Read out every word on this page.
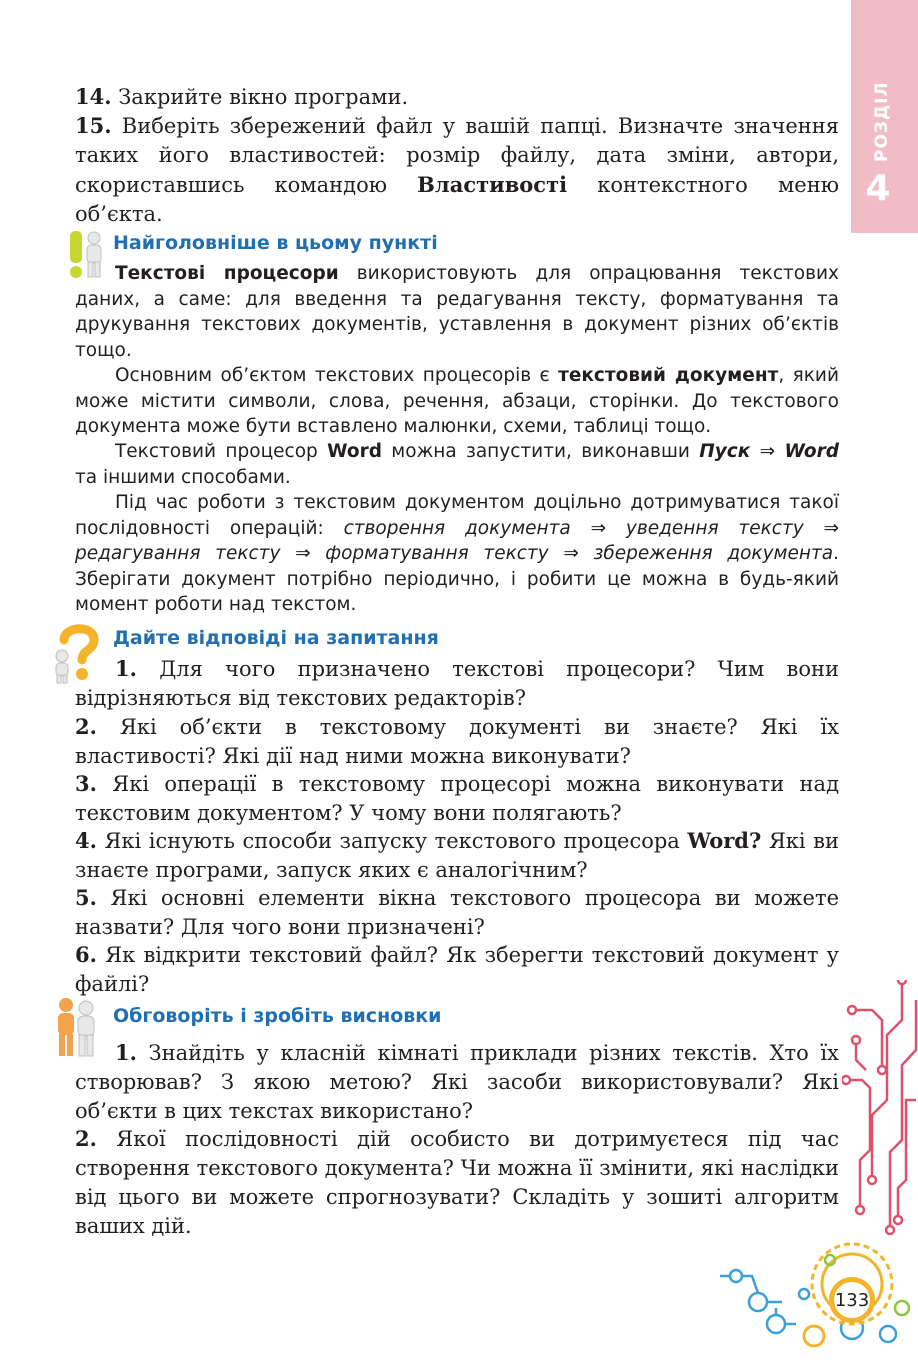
РОЗДІЛ
4

14. Закрийте вікно програми.

15. Виберіть збережений файл у вашій папці. Визначте значення таких його властивостей: розмір файлу, дата зміни, автори, скориставшись командою Властивості контекстного меню об’єкта.

Найголовніше в цьому пункті

Текстові процесори використовують для опрацювання текстових даних, а саме: для введення та редагування тексту, форматування та друкування текстових документів, уставлення в документ різних об’єктів тощо.

Основним об’єктом текстових процесорів є текстовий документ, який може містити символи, слова, речення, абзаци, сторінки. До текстового документа може бути вставлено малюнки, схеми, таблиці тощо.

Текстовий процесор Word можна запустити, виконавши Пуск ⇒ Word та іншими способами.

Під час роботи з текстовим документом доцільно дотримуватися такої послідовності операцій: створення документа ⇒ уведення тексту ⇒ редагування тексту ⇒ форматування тексту ⇒ збереження документа. Зберігати документ потрібно періодично, і робити це можна в будь-який момент роботи над текстом.

Дайте відповіді на запитання

1. Для чого призначено текстові процесори? Чим вони відрізняються від текстових редакторів?

2. Які об’єкти в текстовому документі ви знаєте? Які їх властивості? Які дії над ними можна виконувати?

3. Які операції в текстовому процесорі можна виконувати над текстовим документом? У чому вони полягають?

4. Які існують способи запуску текстового процесора Word? Які ви знаєте програми, запуск яких є аналогічним?

5. Які основні елементи вікна текстового процесора ви можете назвати? Для чого вони призначені?

6. Як відкрити текстовий файл? Як зберегти текстовий документ у файлі?

Обговоріть і зробіть висновки

1. Знайдіть у класній кімнаті приклади різних текстів. Хто їх створював? З якою метою? Які засоби використовували? Які об’єкти в цих текстах використано?

2. Якої послідовності дій особисто ви дотримуєтеся під час створення текстового документа? Чи можна її змінити, які наслідки від цього ви можете спрогнозувати? Складіть у зошиті алгоритм ваших дій.

133
